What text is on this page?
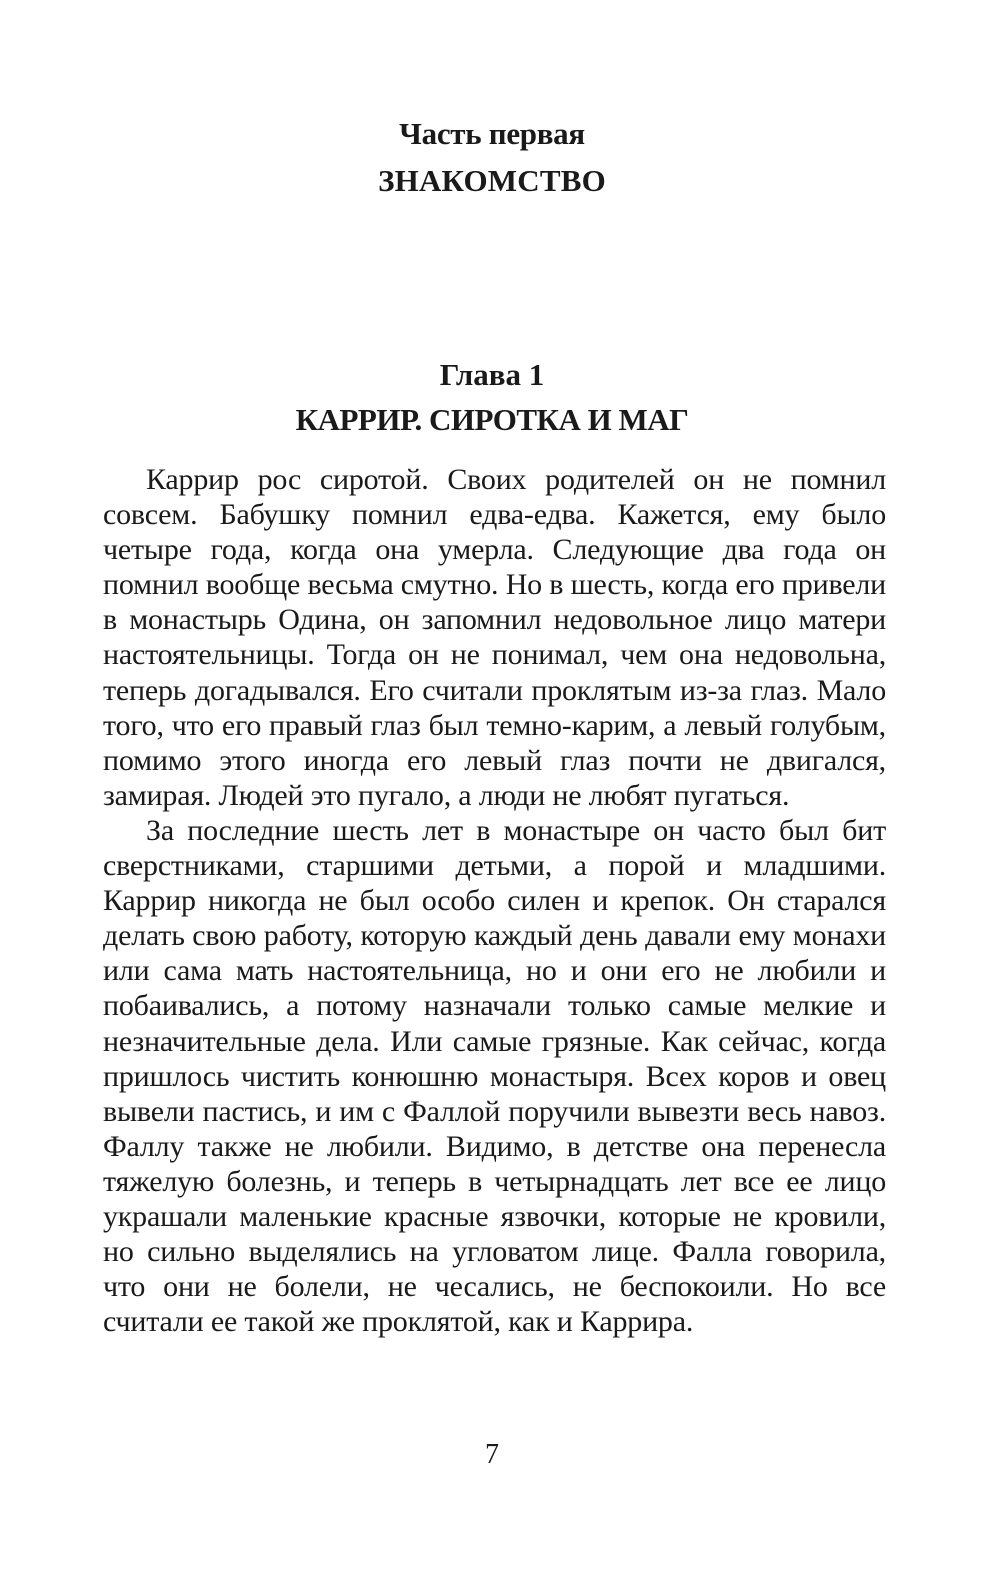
Часть первая
ЗНАКОМСТВО
Глава 1
КАРРИР. СИРОТКА И МАГ

Каррир рос сиротой. Своих родителей он не помнил совсем. Бабушку помнил едва-едва. Кажется, ему было четыре года, когда она умерла. Следующие два года он помнил вообще весьма смутно. Но в шесть, когда его привели в монастырь Одина, он запомнил недовольное лицо матери настоятельницы. Тогда он не понимал, чем она недовольна, теперь догадывался. Его считали проклятым из-за глаз. Мало того, что его правый глаз был темно-карим, а левый голубым, помимо этого иногда его левый глаз почти не двигался, замирая. Людей это пугало, а люди не любят пугаться.

За последние шесть лет в монастыре он часто был бит сверстниками, старшими детьми, а порой и младшими. Каррир никогда не был особо силен и крепок. Он старался делать свою работу, которую каждый день давали ему монахи или сама мать настоятельница, но и они его не любили и побаивались, а потому назначали только самые мелкие и незначительные дела. Или самые грязные. Как сейчас, когда пришлось чистить конюшню монастыря. Всех коров и овец вывели пастись, и им с Фаллой поручили вывезти весь навоз. Фаллу также не любили. Видимо, в детстве она перенесла тяжелую болезнь, и теперь в четырнадцать лет все ее лицо украшали маленькие красные язвочки, которые не кровили, но сильно выделялись на угловатом лице. Фалла говорила, что они не болели, не чесались, не беспокоили. Но все считали ее такой же проклятой, как и Каррира.

7
